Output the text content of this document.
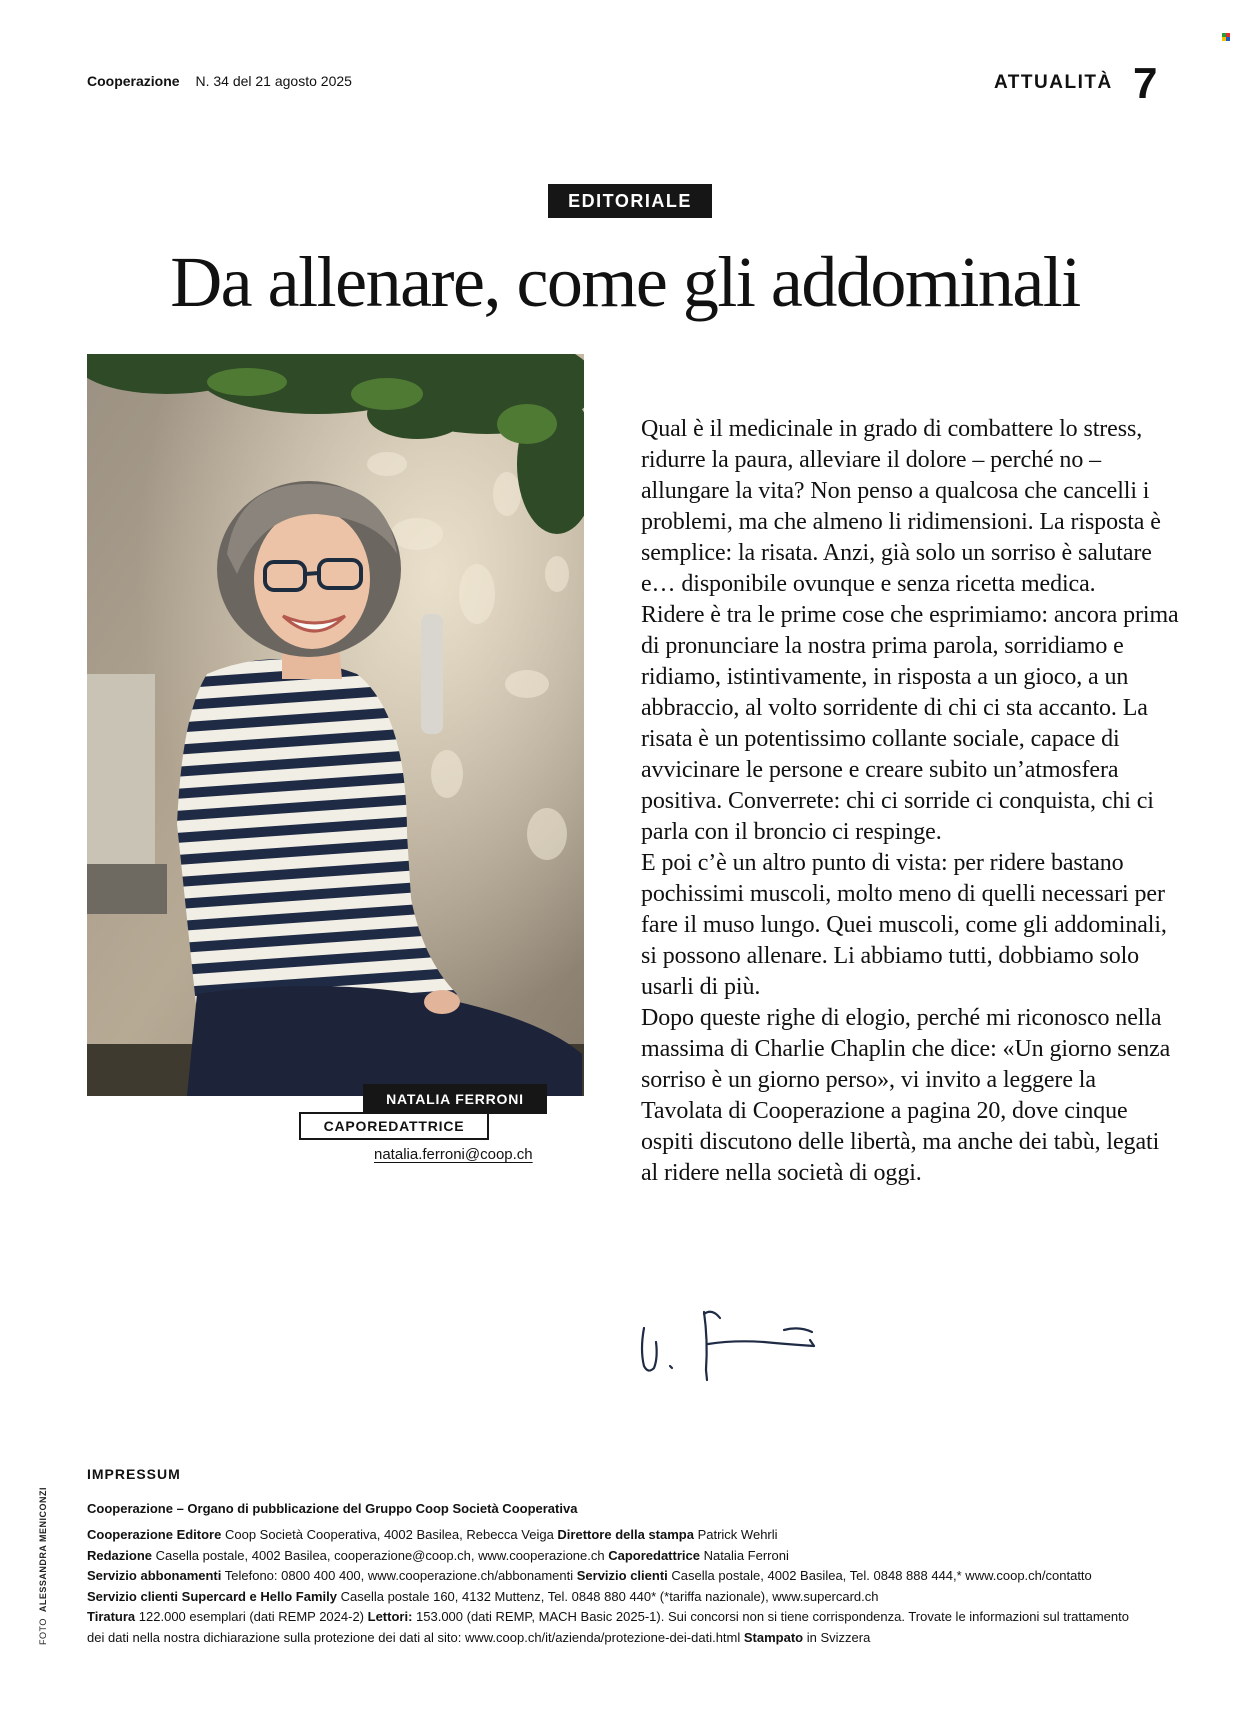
Cooperazione N. 34 del 21 agosto 2025	ATTUALITÀ 7
EDITORIALE
Da allenare, come gli addominali
NATALIA FERRONI
CAPOREDATTRICE
natalia.ferroni@coop.ch

Qual è il medicinale in grado di combattere lo stress, ridurre la paura, alleviare il dolore – perché no – allungare la vita? Non penso a qualcosa che cancelli i problemi, ma che almeno li ridimensioni. La risposta è semplice: la risata. Anzi, già solo un sorriso è salutare e… disponibile ovunque e senza ricetta medica.

Ridere è tra le prime cose che esprimiamo: ancora prima di pronunciare la nostra prima parola, sorridiamo e ridiamo, istintivamente, in risposta a un gioco, a un abbraccio, al volto sorridente di chi ci sta accanto. La risata è un potentissimo collante sociale, capace di avvicinare le persone e creare subito un’atmosfera positiva. Converrete: chi ci sorride ci conquista, chi ci parla con il broncio ci respinge.

E poi c’è un altro punto di vista: per ridere bastano pochissimi muscoli, molto meno di quelli necessari per fare il muso lungo. Quei muscoli, come gli addominali, si possono allenare. Li abbiamo tutti, dobbiamo solo usarli di più.

Dopo queste righe di elogio, perché mi riconosco nella massima di Charlie Chaplin che dice: «Un giorno senza sorriso è un giorno perso», vi invito a leggere la Tavolata di Cooperazione a pagina 20, dove cinque ospiti discutono delle libertà, ma anche dei tabù, legati al ridere nella società di oggi.

IMPRESSUM
Cooperazione – Organo di pubblicazione del Gruppo Coop Società Cooperativa
Cooperazione Editore Coop Società Cooperativa, 4002 Basilea, Rebecca Veiga Direttore della stampa Patrick Wehrli
Redazione Casella postale, 4002 Basilea, cooperazione@coop.ch, www.cooperazione.ch Caporedattrice Natalia Ferroni
Servizio abbonamenti Telefono: 0800 400 400, www.cooperazione.ch/abbonamenti Servizio clienti Casella postale, 4002 Basilea, Tel. 0848 888 444,* www.coop.ch/contatto
Servizio clienti Supercard e Hello Family Casella postale 160, 4132 Muttenz, Tel. 0848 880 440* (*tariffa nazionale), www.supercard.ch
Tiratura 122.000 esemplari (dati REMP 2024-2) Lettori: 153.000 (dati REMP, MACH Basic 2025-1). Sui concorsi non si tiene corrispondenza. Trovate le informazioni sul trattamento
dei dati nella nostra dichiarazione sulla protezione dei dati al sito: www.coop.ch/it/azienda/protezione-dei-dati.html Stampato in Svizzera
FOTO  ALESSANDRA MENICONZI
